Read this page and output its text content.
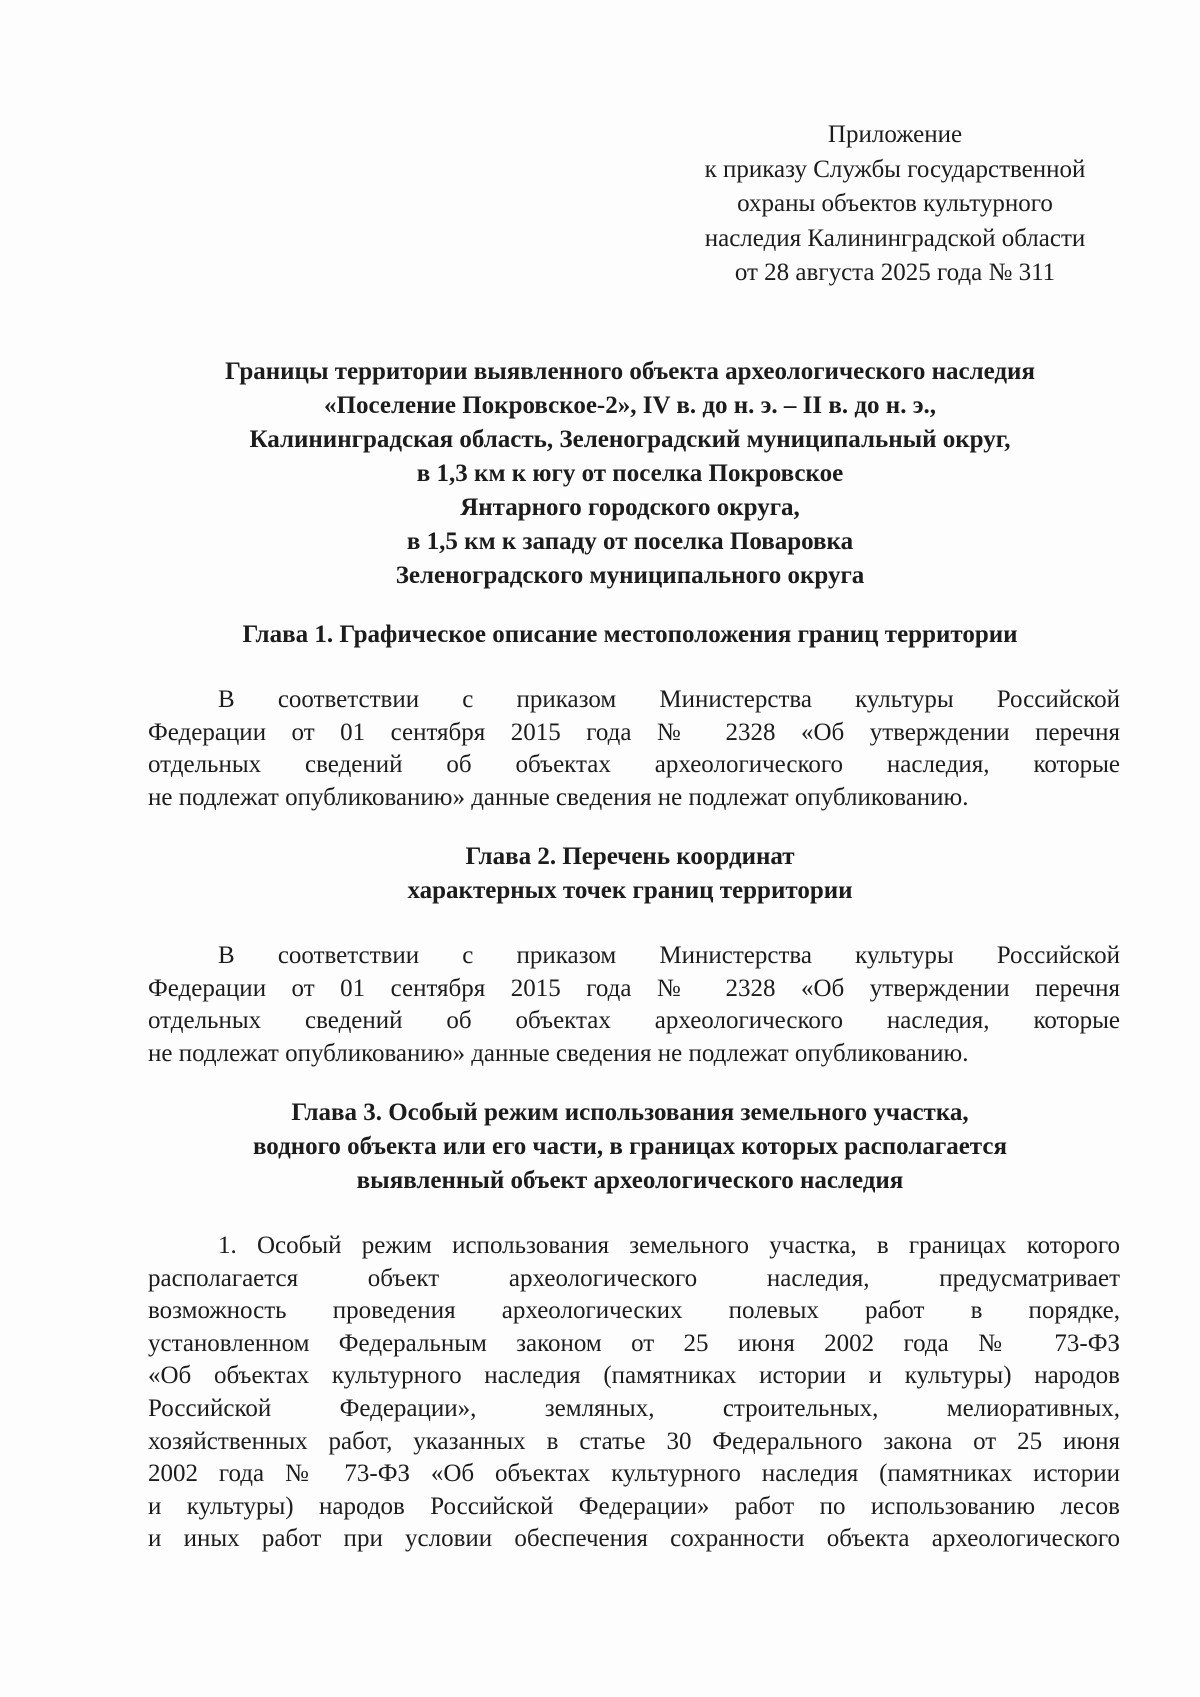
Приложение
к приказу Службы государственной
охраны объектов культурного
наследия Калининградской области
от 28 августа 2025 года № 311
Границы территории выявленного объекта археологического наследия
«Поселение Покровское-2», IV в. до н. э. – II в. до н. э.,
Калининградская область, Зеленоградский муниципальный округ,
в 1,3 км к югу от поселка Покровское
Янтарного городского округа,
в 1,5 км к западу от поселка Поваровка
Зеленоградского муниципального округа
Глава 1. Графическое описание местоположения границ территории
В соответствии с приказом Министерства культуры Российской
Федерации от 01 сентября 2015 года № 2328 «Об утверждении перечня
отдельных сведений об объектах археологического наследия, которые
не подлежат опубликованию» данные сведения не подлежат опубликованию.
Глава 2. Перечень координат
характерных точек границ территории
В соответствии с приказом Министерства культуры Российской
Федерации от 01 сентября 2015 года № 2328 «Об утверждении перечня
отдельных сведений об объектах археологического наследия, которые
не подлежат опубликованию» данные сведения не подлежат опубликованию.
Глава 3. Особый режим использования земельного участка,
водного объекта или его части, в границах которых располагается
выявленный объект археологического наследия
1. Особый режим использования земельного участка, в границах которого
располагается объект археологического наследия, предусматривает
возможность проведения археологических полевых работ в порядке,
установленном Федеральным законом от 25 июня 2002 года № 73-ФЗ
«Об объектах культурного наследия (памятниках истории и культуры) народов
Российской Федерации», земляных, строительных, мелиоративных,
хозяйственных работ, указанных в статье 30 Федерального закона от 25 июня
2002 года № 73-ФЗ «Об объектах культурного наследия (памятниках истории
и культуры) народов Российской Федерации» работ по использованию лесов
и иных работ при условии обеспечения сохранности объекта археологического
